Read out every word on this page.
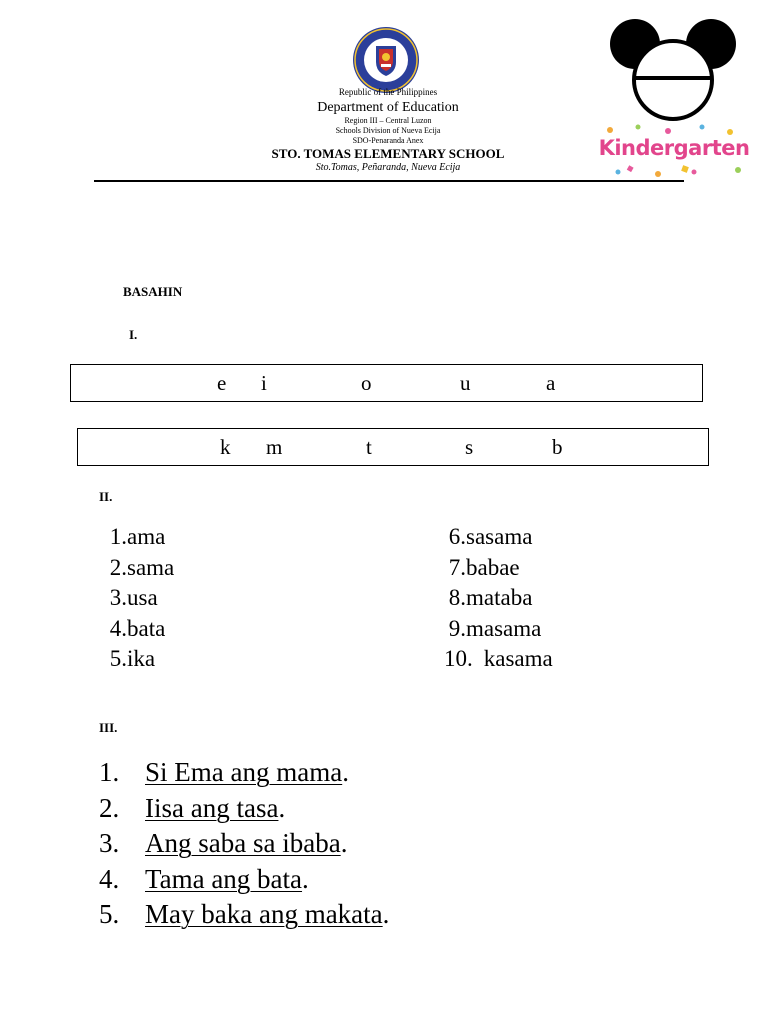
Republic of the Philippines
Department of Education
Region III – Central Luzon
Schools Division of Nueva Ecija
SDO-Penaranda Anex
STO. TOMAS ELEMENTARY SCHOOL
Sto.Tomas, Peñaranda, Nueva Ecija
Kindergarten
BASAHIN
I.
e i	o	u	a
k m	t	s	b
II.
1.ama
2.sama
3.usa
4.bata
5.ika
6.sasama
7.babae
8.mataba
9.masama
10. kasama
III.
1. Si Ema ang mama.
2. Iisa ang tasa.
3. Ang saba sa ibaba.
4. Tama ang bata.
5. May baka ang makata.
